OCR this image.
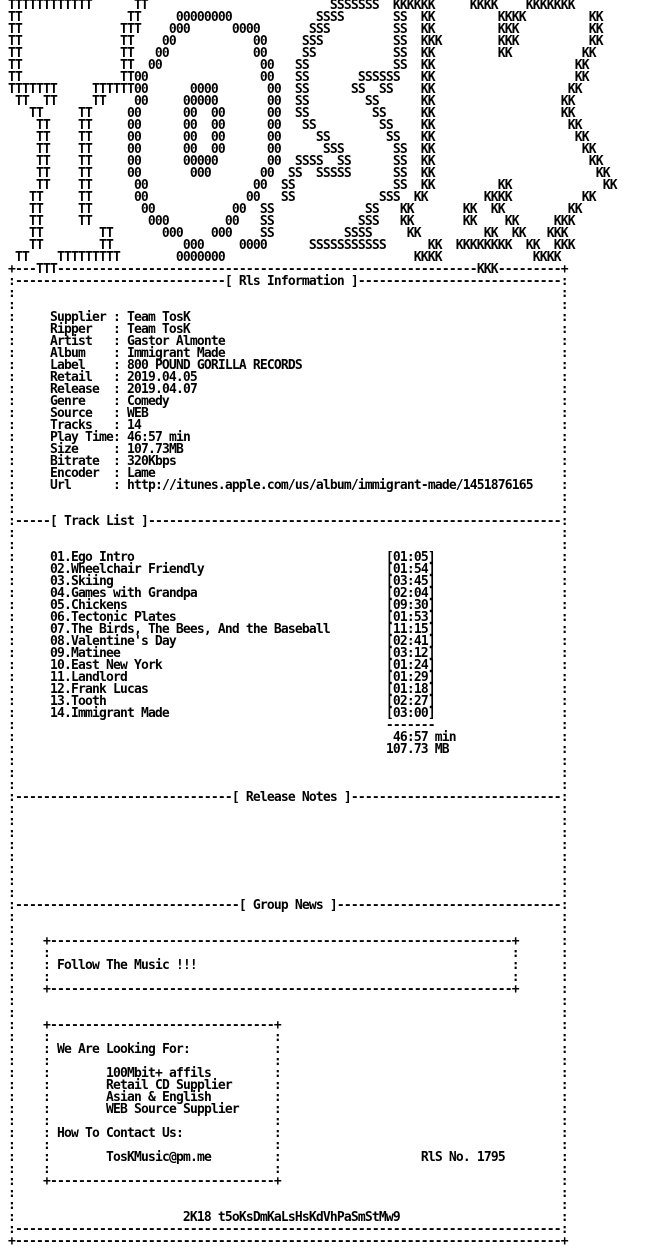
TTTTTTTTTTTT      TT                          SSSSSSS  KKKKKK     KKKK    KKKKKKK
TT               TT     00000000            SSSS       SS  KK         KKKK         KK
TT              TTT    000      0000       SSS         SS  KK         KKK          KK
TT              TT    00           00     SSS          SS  KKK        KKK          KK
TT              TT   00            00     SS           SS  KK         KK          KK
TT              TT  00              00   SS            SS  KK                    KK
TT              TT00                00   SS       SSSSSS   KK                    KK
TTTTTTT     TTTTTT00      0000       00  SS      SS  SS    KK                   KK
TT  TT     TT    00     00000       00  SS        SS      KK                  KK
TT     TT     00      00  00      00  SS         SS     KK                  KK
TT    TT     00      00  00      00   SS         SS    KK                   KK
TT    TT     00      00  00      00     SS        SS   KK                    KK
TT    TT     00      00  00      00      SSS       SS  KK                     KK
TT    TT     00      00000       00  SSSS  SS      SS  KK                      KK
TT    TT     00       000       00  SS  SSSSS      SS  KK                       KK
TT    TT      00               00  SS              SS  KK         KK             KK
TT     TT      00              00   SS            SSS  KK        KKKK          KK
TT     TT       00           00  SS             SS   KK       KK  KK         KK
TT     TT        000        00   SS            SSS   KK       KK    KK     KKK
TT        TT       000    000    SS          SSSS     KK         KK  KK   KKK
TT        TT          000     0000      SSSSSSSSSSS      KK  KKKKKKKK  KK  KKK
TT    TTTTTTTTT        0000000                           KKKK             KKKK
+---TTT------------------------------------------------------------KKK---------+
:------------------------------[ Rls Information ]-----------------------------:
:	:
:	:
:	Supplier : Team TosK	:
:	Ripper   : Team TosK	:
:	Artist   : Gastor Almonte	:
:	Album    : Immigrant Made	:
:	Label    : 800 POUND GORILLA RECORDS	:
:	Retail   : 2019.04.05	:
:	Release  : 2019.04.07	:
:	Genre    : Comedy	:
:	Source   : WEB	:
:	Tracks   : 14	:
:	Play Time: 46:57 min	:
:	Size     : 107.73MB	:
:	Bitrate  : 320Kbps	:
:	Encoder  : Lame	:
:	Url      : http://itunes.apple.com/us/album/immigrant-made/1451876165 :
:	:
:	:
:-----[ Track List ]-----------------------------------------------------------:
:	:
:	:
:	01.Ego Intro	[01:05]	:
:	02.Wheelchair Friendly	[01:54]	:
:	03.Skiing	[03:45]	:
:	04.Games with Grandpa	[02:04]	:
:	05.Chickens	[09:30]	:
:	06.Tectonic Plates	[01:53]	:
:	07.The Birds, The Bees, And the Baseball	[11:15]	:
:	08.Valentine's Day	[02:41]	:
:	09.Matinee	[03:12]	:
:	10.East New York	[01:24]	:
:	11.Landlord	[01:29]	:
:	12.Frank Lucas	[01:18]	:
:	13.Tooth	[02:27]	:
:	14.Immigrant Made	[03:00]	:
:	-------	:
:	46:57 min	:
:	107.73 MB	:
:	:
:	:
:	:
:-------------------------------[ Release Notes ]------------------------------:
:	:
:	:
:	:
:	:
:	:
:	:
:	:
:	:
:--------------------------------[ Group News ]--------------------------------:
:	:
:	:
: +------------------------------------------------------------------+	:
: :                                                                  :	:
: : Follow The Music !!!                                             :	:
: :                                                                  :	:
: +------------------------------------------------------------------+	:
:	:
:	:
: +--------------------------------+	:
: :	:	:
: : We Are Looking For:	:	:
: :	:	:
: :	100Mbit+ affils	:	:
: :	Retail CD Supplier	:	:
: :	Asian & English	:	:
: :	WEB Source Supplier	:	:
: :	:	:
: : How To Contact Us:	:	:
: :	:	:
: :	TosKMusic@pm.me	:	RlS No. 1795	:
: :	:	:
: +--------------------------------+	:
:	:
:	:
:	2K18 t5oKsDmKaLsHsKdVhPaSmStMw9	:
:------------------------------------------------------------------------------:
+------------------------------------------------------------------------------+
